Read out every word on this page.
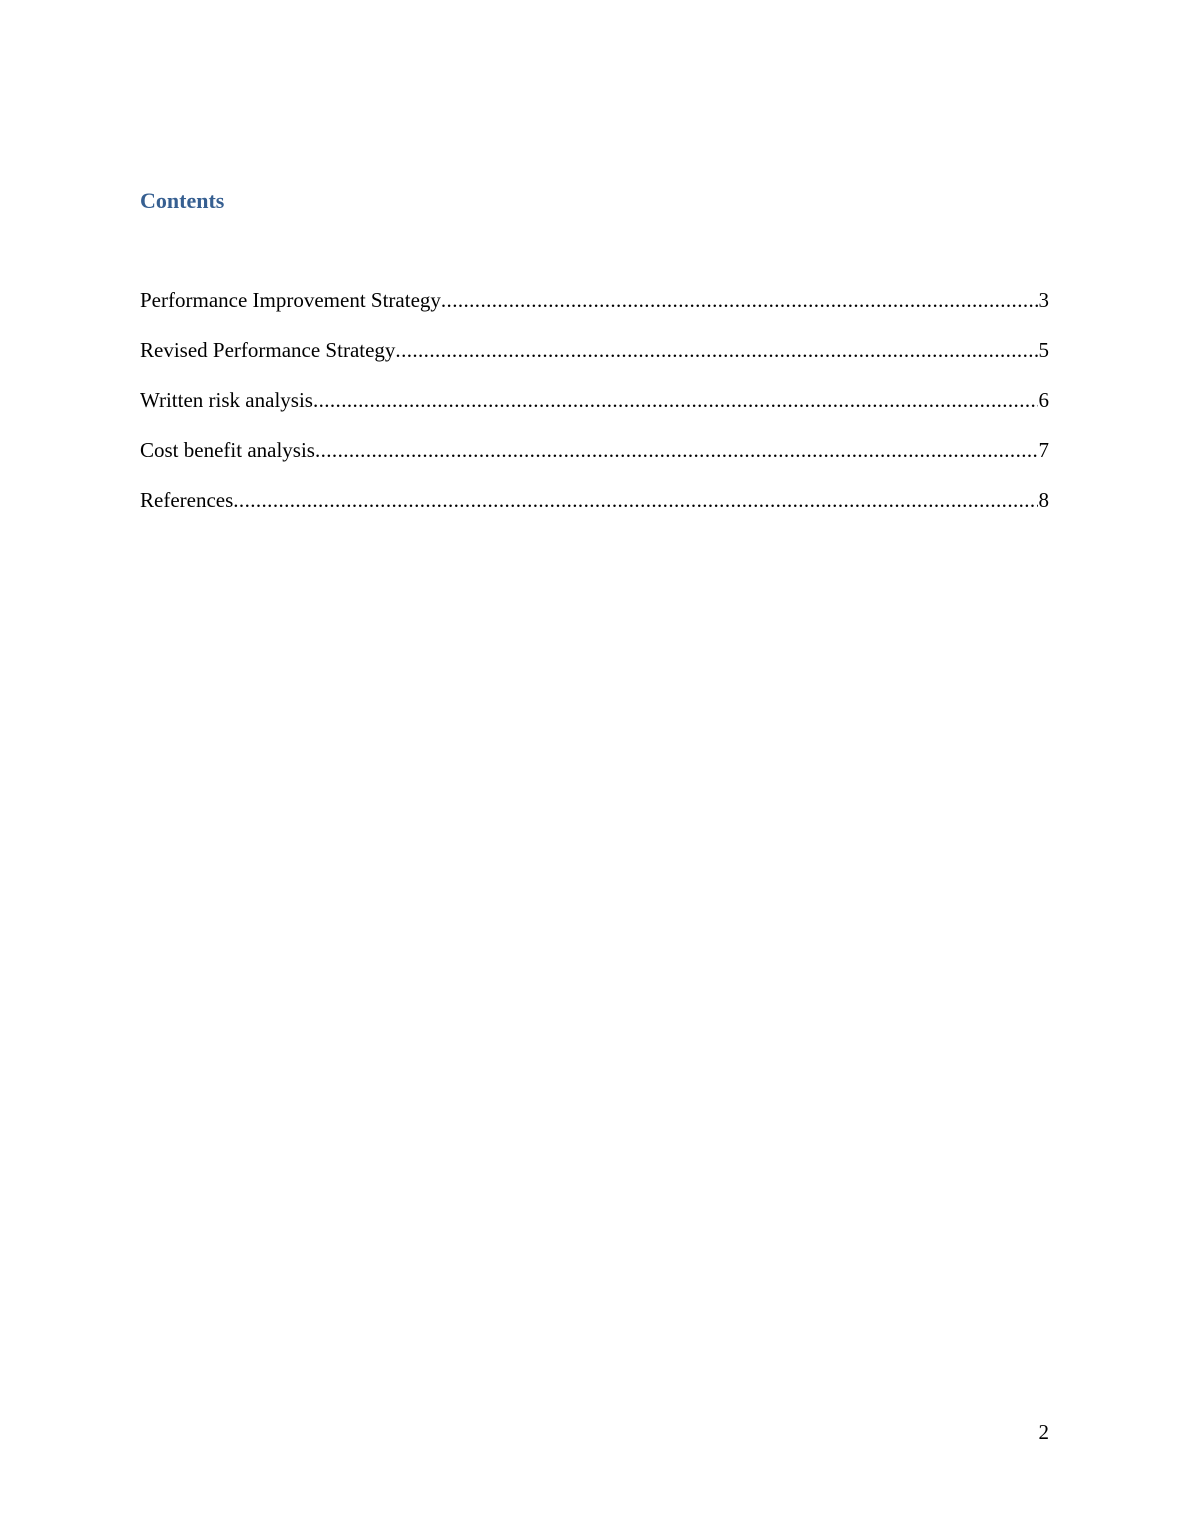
Contents
Performance Improvement Strategy .....	3
Revised Performance Strategy .....	5
Written risk analysis .....	6
Cost benefit analysis .....	7
References .....	8
2
